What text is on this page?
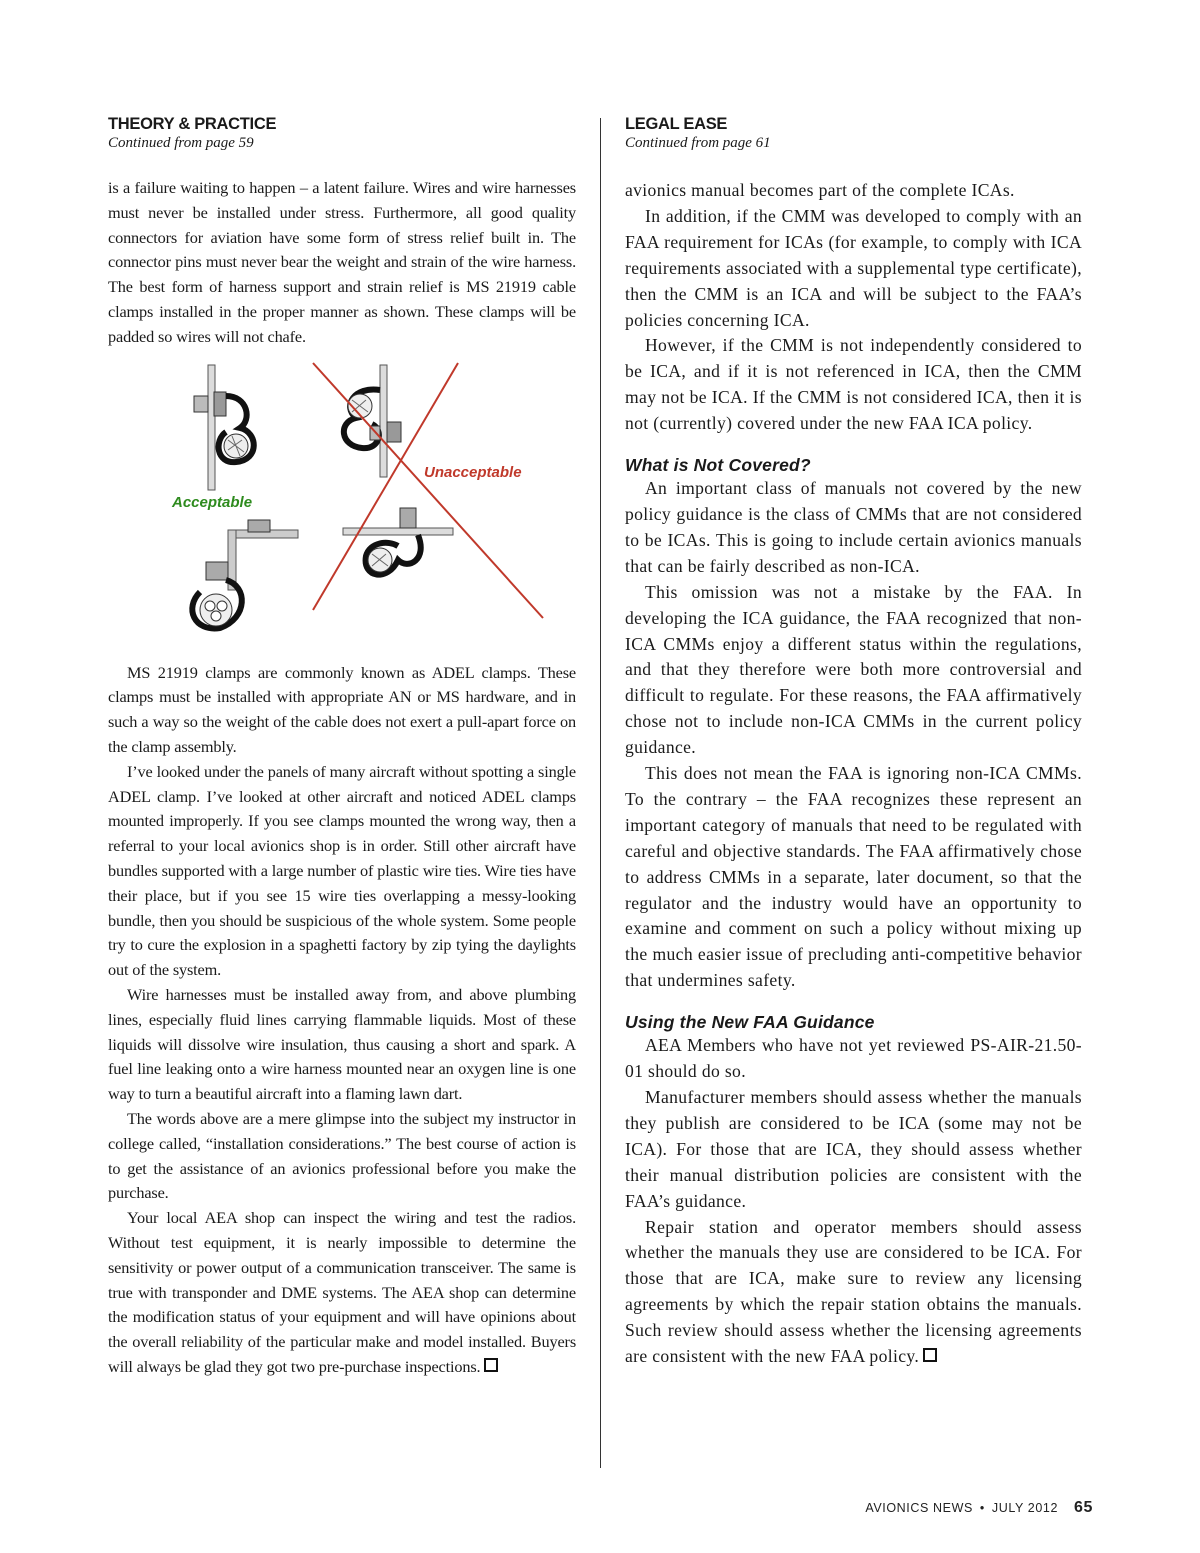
THEORY & PRACTICE

Continued from page 59

is a failure waiting to happen – a latent failure. Wires and wire harnesses must never be installed under stress. Furthermore, all good quality connectors for aviation have some form of stress relief built in. The connector pins must never bear the weight and strain of the wire harness. The best form of harness support and strain relief is MS 21919 cable clamps installed in the proper manner as shown. These clamps will be padded so wires will not chafe.

Acceptable
Unacceptable

MS 21919 clamps are commonly known as ADEL clamps. These clamps must be installed with appropriate AN or MS hardware, and in such a way so the weight of the cable does not exert a pull-apart force on the clamp assembly.

I’ve looked under the panels of many aircraft without spotting a single ADEL clamp. I’ve looked at other aircraft and noticed ADEL clamps mounted improperly. If you see clamps mounted the wrong way, then a referral to your local avionics shop is in order. Still other aircraft have bundles supported with a large number of plastic wire ties. Wire ties have their place, but if you see 15 wire ties overlapping a messy-looking bundle, then you should be suspicious of the whole system. Some people try to cure the explosion in a spaghetti factory by zip tying the daylights out of the system.

Wire harnesses must be installed away from, and above plumbing lines, especially fluid lines carrying flammable liquids. Most of these liquids will dissolve wire insulation, thus causing a short and spark. A fuel line leaking onto a wire harness mounted near an oxygen line is one way to turn a beautiful aircraft into a flaming lawn dart.

The words above are a mere glimpse into the subject my instructor in college called, “installation considerations.” The best course of action is to get the assistance of an avionics professional before you make the purchase.

Your local AEA shop can inspect the wiring and test the radios. Without test equipment, it is nearly impossible to determine the sensitivity or power output of a communication transceiver. The same is true with transponder and DME systems. The AEA shop can determine the modification status of your equipment and will have opinions about the overall reliability of the particular make and model installed. Buyers will always be glad they got two pre-purchase inspections.

LEGAL EASE

Continued from page 61

avionics manual becomes part of the complete ICAs.

In addition, if the CMM was developed to comply with an FAA requirement for ICAs (for example, to comply with ICA requirements associated with a supplemental type certificate), then the CMM is an ICA and will be subject to the FAA’s policies concerning ICA.

However, if the CMM is not independently considered to be ICA, and if it is not referenced in ICA, then the CMM may not be ICA. If the CMM is not considered ICA, then it is not (currently) covered under the new FAA ICA policy.

What is Not Covered?

An important class of manuals not covered by the new policy guidance is the class of CMMs that are not considered to be ICAs. This is going to include certain avionics manuals that can be fairly described as non-ICA.

This omission was not a mistake by the FAA. In developing the ICA guidance, the FAA recognized that non-ICA CMMs enjoy a different status within the regulations, and that they therefore were both more controversial and difficult to regulate. For these reasons, the FAA affirmatively chose not to include non-ICA CMMs in the current policy guidance.

This does not mean the FAA is ignoring non-ICA CMMs. To the contrary – the FAA recognizes these represent an important category of manuals that need to be regulated with careful and objective standards. The FAA affirmatively chose to address CMMs in a separate, later document, so that the regulator and the industry would have an opportunity to examine and comment on such a policy without mixing up the much easier issue of precluding anti-competitive behavior that undermines safety.

Using the New FAA Guidance

AEA Members who have not yet reviewed PS-AIR-21.50-01 should do so.

Manufacturer members should assess whether the manuals they publish are considered to be ICA (some may not be ICA). For those that are ICA, they should assess whether their manual distribution policies are consistent with the FAA’s guidance.

Repair station and operator members should assess whether the manuals they use are considered to be ICA. For those that are ICA, make sure to review any licensing agreements by which the repair station obtains the manuals. Such review should assess whether the licensing agreements are consistent with the new FAA policy.

AVIONICS NEWS • JULY 2012 65
